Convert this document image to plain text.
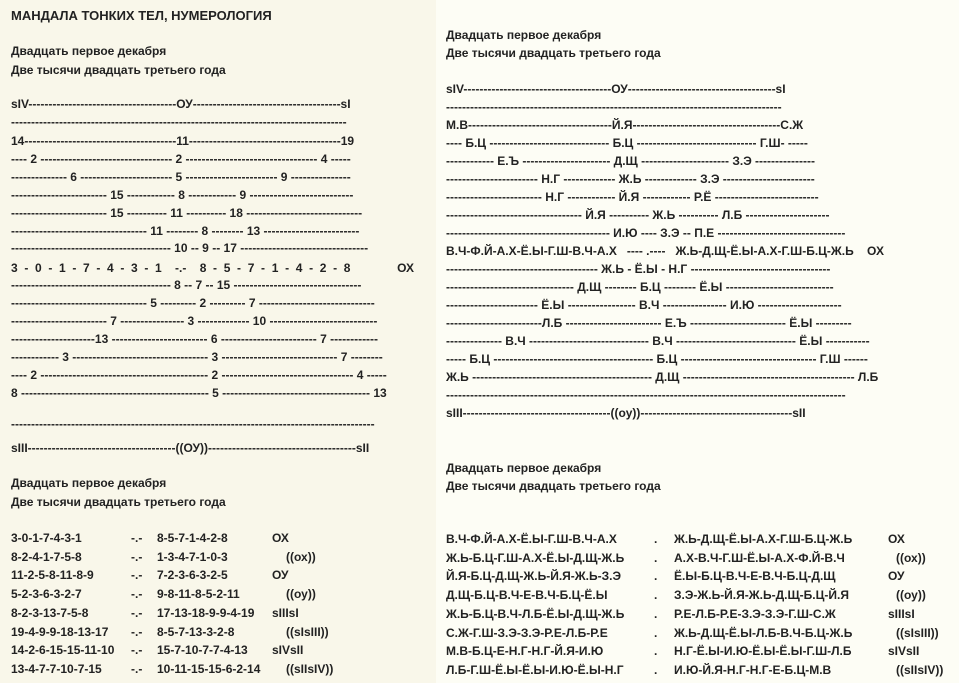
МАНДАЛА ТОНКИХ ТЕЛ, НУМЕРОЛОГИЯ

Двадцать первое декабря

Две тысячи двадцать третьего года

sIV-------------------------------------ОУ-------------------------------------sI

------------------------------------------------------------------------------------

14--------------------------------------11--------------------------------------19

---- 2 --------------------------------- 2 --------------------------------- 4 -----

-------------- 6 ----------------------- 5 ----------------------- 9 ---------------

------------------------ 15 ------------ 8 ------------ 9 --------------------------

------------------------ 15 ---------- 11 ---------- 18 -----------------------------

---------------------------------- 11 -------- 8 -------- 13 ------------------------

---------------------------------------- 10 -- 9 -- 17 --------------------------------

3  -  0  -  1  -  7  -  4  -  3  -  1    -.-    8  -  5  -  7  -  1  -  4  -  2  -  8              ОХ

---------------------------------------- 8 -- 7 -- 15 --------------------------------

---------------------------------- 5 --------- 2 --------- 7 -----------------------------

------------------------ 7 ---------------- 3 ------------- 10 ---------------------------

---------------------13 ------------------------ 6 ------------------------ 7 ------------

------------ 3 ---------------------------------- 3 ----------------------------- 7 --------

---- 2 ------------------------------------------ 2 --------------------------------- 4 -----

8 ----------------------------------------------- 5 ------------------------------------- 13

-------------------------------------------------------------------------------------------

sIII-------------------------------------((ОУ))-------------------------------------sII

Двадцать первое декабря

Две тысячи двадцать третьего года

3-0-1-7-4-3-1	-.- 8-5-7-1-4-2-8	ОХ

8-2-4-1-7-5-8	-.- 1-3-4-7-1-0-3	((ох))

11-2-5-8-11-8-9	-.- 7-2-3-6-3-2-5	ОУ

5-2-3-6-3-2-7	-.- 9-8-11-8-5-2-11	((оу))

8-2-3-13-7-5-8	-.- 17-13-18-9-9-4-19 sIIIsI

19-4-9-9-18-13-17 -.- 8-5-7-13-3-2-8	((sIsIII))

14-2-6-15-15-11-10 -.- 15-7-10-7-7-4-13 sIVsII

13-4-7-7-10-7-15 -.- 10-11-15-15-6-2-14 ((sIIsIV))

Двадцать первое декабря

Две тысячи двадцать третьего года

sIV-------------------------------------ОУ-------------------------------------sI

------------------------------------------------------------------------------------

М.В------------------------------------Й.Я-------------------------------------С.Ж

---- Б.Ц ------------------------------ Б.Ц ------------------------------ Г.Ш- -----

------------ Е.Ъ ---------------------- Д.Щ ---------------------- З.Э ---------------

----------------------- Н.Г ------------- Ж.Ь ------------- З.Э -----------------------

------------------------ Н.Г ------------ Й.Я ------------ Р.Ё --------------------------

---------------------------------- Й.Я ---------- Ж.Ь ---------- Л.Б ---------------------

----------------------------------------- И.Ю ---- З.Э -- П.Е --------------------------------

В.Ч-Ф.Й-А.Х-Ё.Ы-Г.Ш-В.Ч-А.Х   ---- .----   Ж.Ь-Д.Щ-Ё.Ы-А.Х-Г.Ш-Б.Ц-Ж.Ь    ОХ

-------------------------------------- Ж.Ь - Ё.Ы - Н.Г -----------------------------------

-------------------------------- Д.Щ -------- Б.Ц -------- Ё.Ы ---------------------------

----------------------- Ё.Ы ----------------- В.Ч ---------------- И.Ю ---------------------

------------------------Л.Б ------------------------ Е.Ъ ------------------------ Ё.Ы ---------

-------------- В.Ч ------------------------------ В.Ч ------------------------------ Ё.Ы -----------

----- Б.Ц ---------------------------------------- Б.Ц ---------------------------------- Г.Ш ------

Ж.Ь --------------------------------------------- Д.Щ ------------------------------------------- Л.Б

----------------------------------------------------------------------------------------------------

sIII-------------------------------------((оу))--------------------------------------sII

Двадцать первое декабря

Две тысячи двадцать третьего года

В.Ч-Ф.Й-А.Х-Ё.Ы-Г.Ш-В.Ч-А.Х	. Ж.Ь-Д.Щ-Ё.Ы-А.Х-Г.Ш-Б.Ц-Ж.Ь	ОХ

Ж.Ь-Б.Ц-Г.Ш-А.Х-Ё.Ы-Д.Щ-Ж.Ь . А.Х-В.Ч-Г.Ш-Ё.Ы-А.Х-Ф.Й-В.Ч	((ох))

Й.Я-Б.Ц-Д.Щ-Ж.Ь-Й.Я-Ж.Ь-З.Э	. Ё.Ы-Б.Ц-В.Ч-Е-В.Ч-Б.Ц-Д.Щ	ОУ

Д.Щ-Б.Ц-В.Ч-Е-В.Ч-Б.Ц-Ё.Ы	. З.Э-Ж.Ь-Й.Я-Ж.Ь-Д.Щ-Б.Ц-Й.Я	((оу))

Ж.Ь-Б.Ц-В.Ч-Л.Б-Ё.Ы-Д.Щ-Ж.Ь . Р.Е-Л.Б-Р.Е-З.Э-З.Э-Г.Ш-С.Ж	sIIIsI

С.Ж-Г.Ш-З.Э-З.Э-Р.Е-Л.Б-Р.Е	. Ж.Ь-Д.Щ-Ё.Ы-Л.Б-В.Ч-Б.Ц-Ж.Ь	((sIsIII))

М.В-Б.Ц-Е-Н.Г-Н.Г-Й.Я-И.Ю	. Н.Г-Ё.Ы-И.Ю-Ё.Ы-Ё.Ы-Г.Ш-Л.Б	sIVsII

Л.Б-Г.Ш-Ё.Ы-Ё.Ы-И.Ю-Ё.Ы-Н.Г	. И.Ю-Й.Я-Н.Г-Н.Г-Е-Б.Ц-М.В	((sIIsIV))
